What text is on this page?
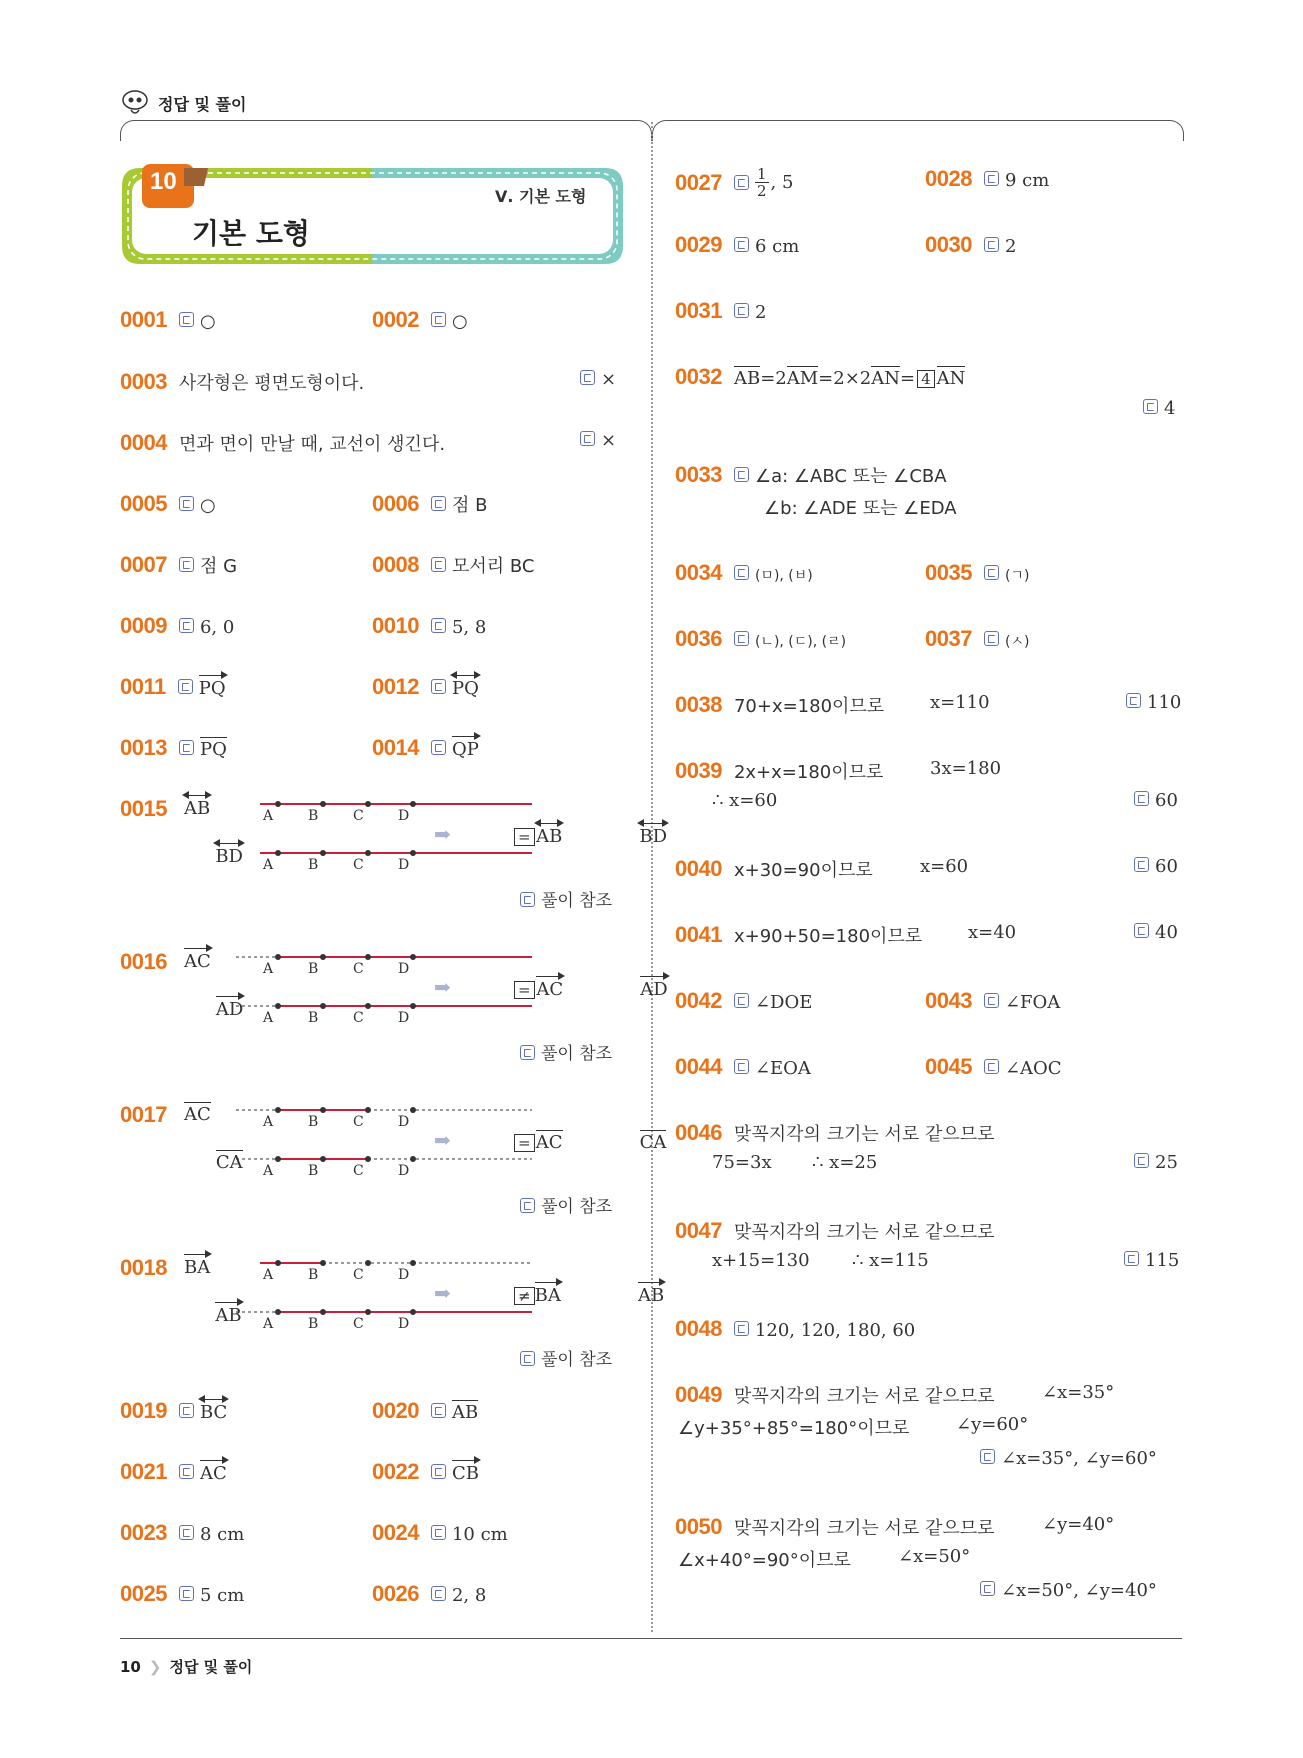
정답 및 풀이
10
기본 도형
Ⅴ. 기본 도형
0001 ○	0002 ○
0003 사각형은 평면도형이다.	×
0004 면과 면이 만날 때, 교선이 생긴다.	×
0005 ○	0006 점 B
0007 점 G	0008 모서리 BC
0009 6, 0	0010 5, 8
0011 PQ	0012 PQ
0013 PQ	0014 QP
0015 AB
BD
➡	AB
=	BD
풀이 참조
0016 AC AD
➡	AC
=	AD
풀이 참조
0017 AC CA
➡	AC
=	CA
풀이 참조
0018 BA AB
➡	BA
≠	AB
풀이 참조
A B C D
A B C D
A B C D
A B C D
A B C D
A B C D
A B C D
A B C D
0019 BC	0020 AB
0021 AC	0022 CB
0023 8 cm	0024 10 cm
0025 5 cm	0026 2, 8
$0027 \frac{1}{2}$ , 5	0028 9 cm
0029 6 cm	0030 2
0031 2
0032 AB =2 AM =2×2 AN = 4 AN
4
0033 ∠a: ∠ABC 또는 ∠CBA
∠b: ∠ADE 또는 ∠EDA
0034 (ㅁ), (ㅂ)	0035 (ㄱ)
0036 (ㄴ), (ㄷ), (ㄹ)	0037 (ㅅ)
0038 70+x=180이므로	x=110	110
0039 2x+x=180이므로	3x=180
∴ x=60	60
0040 x+30=90이므로	x=60	60
0041 x+90+50=180이므로	x=40	40
0042 ∠DOE	0043 ∠FOA
0044 ∠EOA	0045 ∠AOC
0046 맞꼭지각의 크기는 서로 같으므로
75=3x ∴ x=25	25
0047 맞꼭지각의 크기는 서로 같으므로
x+15=130 ∴ x=115	115
0048 120, 120, 180, 60
0049 맞꼭지각의 크기는 서로 같으므로	∠x=35°
∠y+35°+85°=180°이므로	∠y=60°
∠x=35°, ∠y=60°
0050 맞꼭지각의 크기는 서로 같으므로	∠y=40°
∠x+40°=90°이므로	∠x=50°
∠x=50°, ∠y=40°
10 ❯ 정답 및 풀이
